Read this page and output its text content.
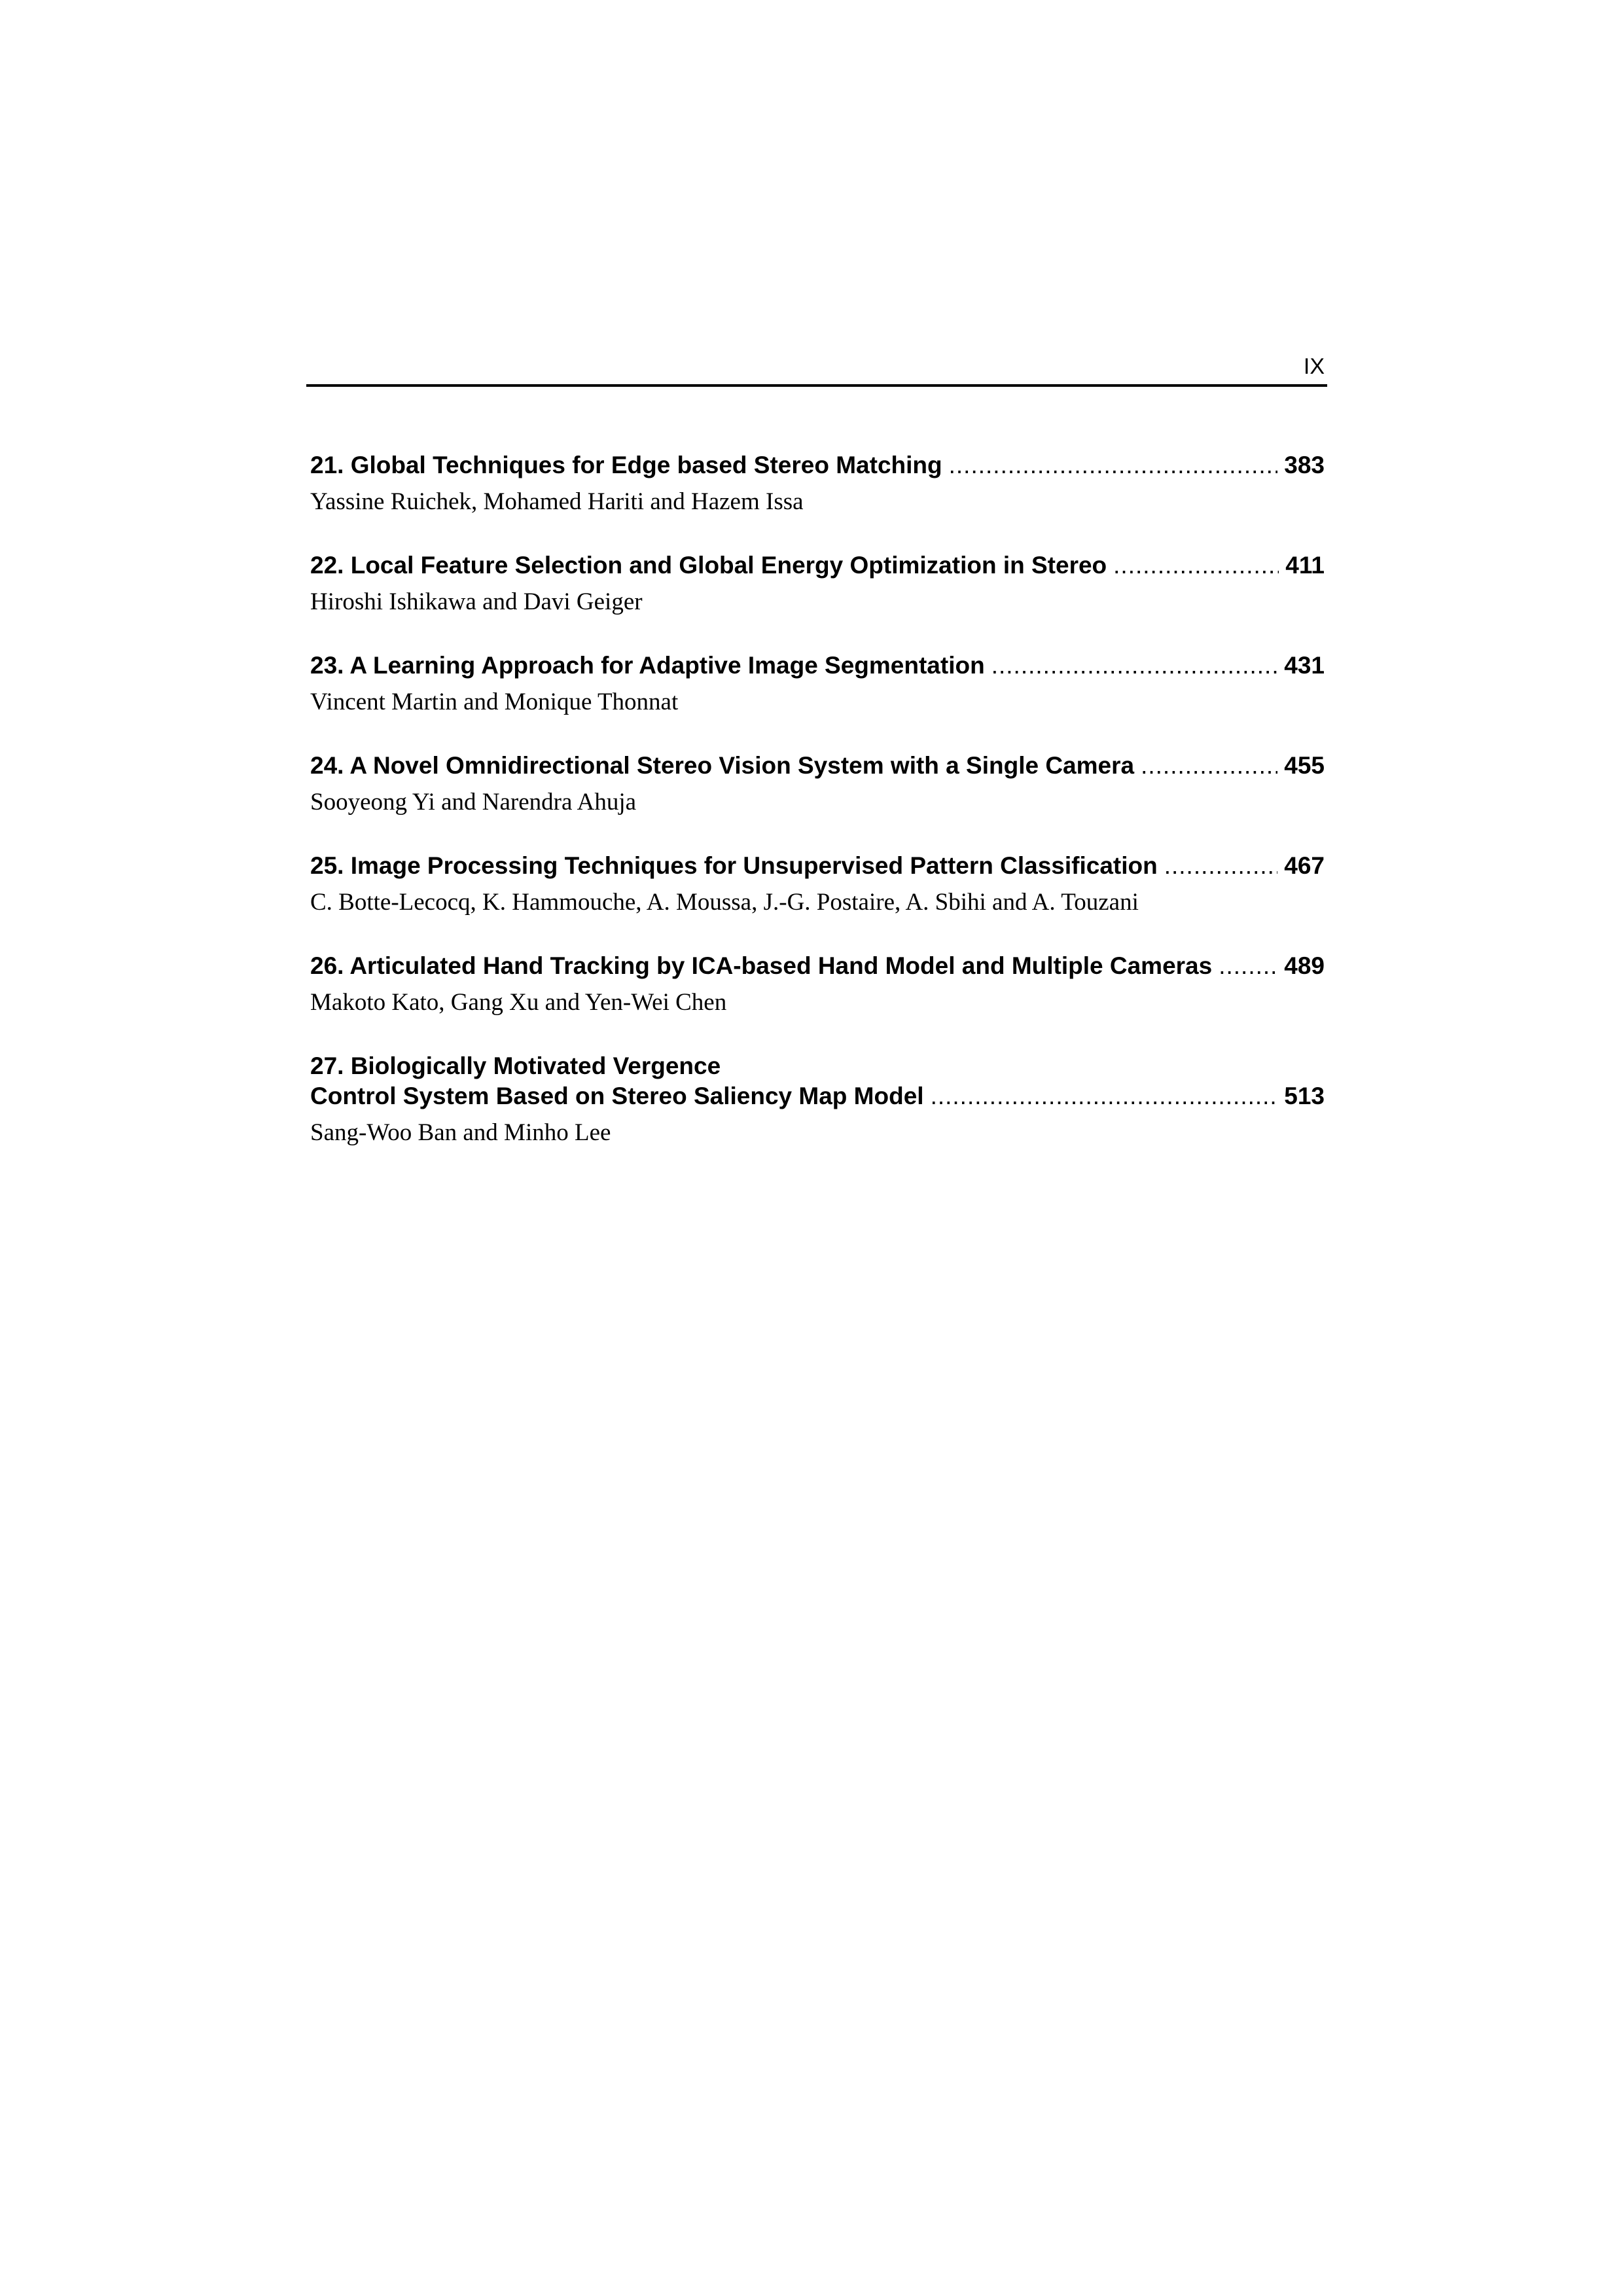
IX
21. Global Techniques for Edge based Stereo Matching .....	383
Yassine Ruichek, Mohamed Hariti and Hazem Issa
22. Local Feature Selection and Global Energy Optimization in Stereo .....	411
Hiroshi Ishikawa and Davi Geiger
23. A Learning Approach for Adaptive Image Segmentation .....	431
Vincent Martin and Monique Thonnat
24. A Novel Omnidirectional Stereo Vision System with a Single Camera .....	455
Sooyeong Yi and Narendra Ahuja
25. Image Processing Techniques for Unsupervised Pattern Classification .....	467
C. Botte-Lecocq, K. Hammouche, A. Moussa, J.-G. Postaire, A. Sbihi and A. Touzani
26. Articulated Hand Tracking by ICA-based Hand Model and Multiple Cameras .....	489
Makoto Kato, Gang Xu and Yen-Wei Chen
27. Biologically Motivated Vergence
Control System Based on Stereo Saliency Map Model .....	513
Sang-Woo Ban and Minho Lee
